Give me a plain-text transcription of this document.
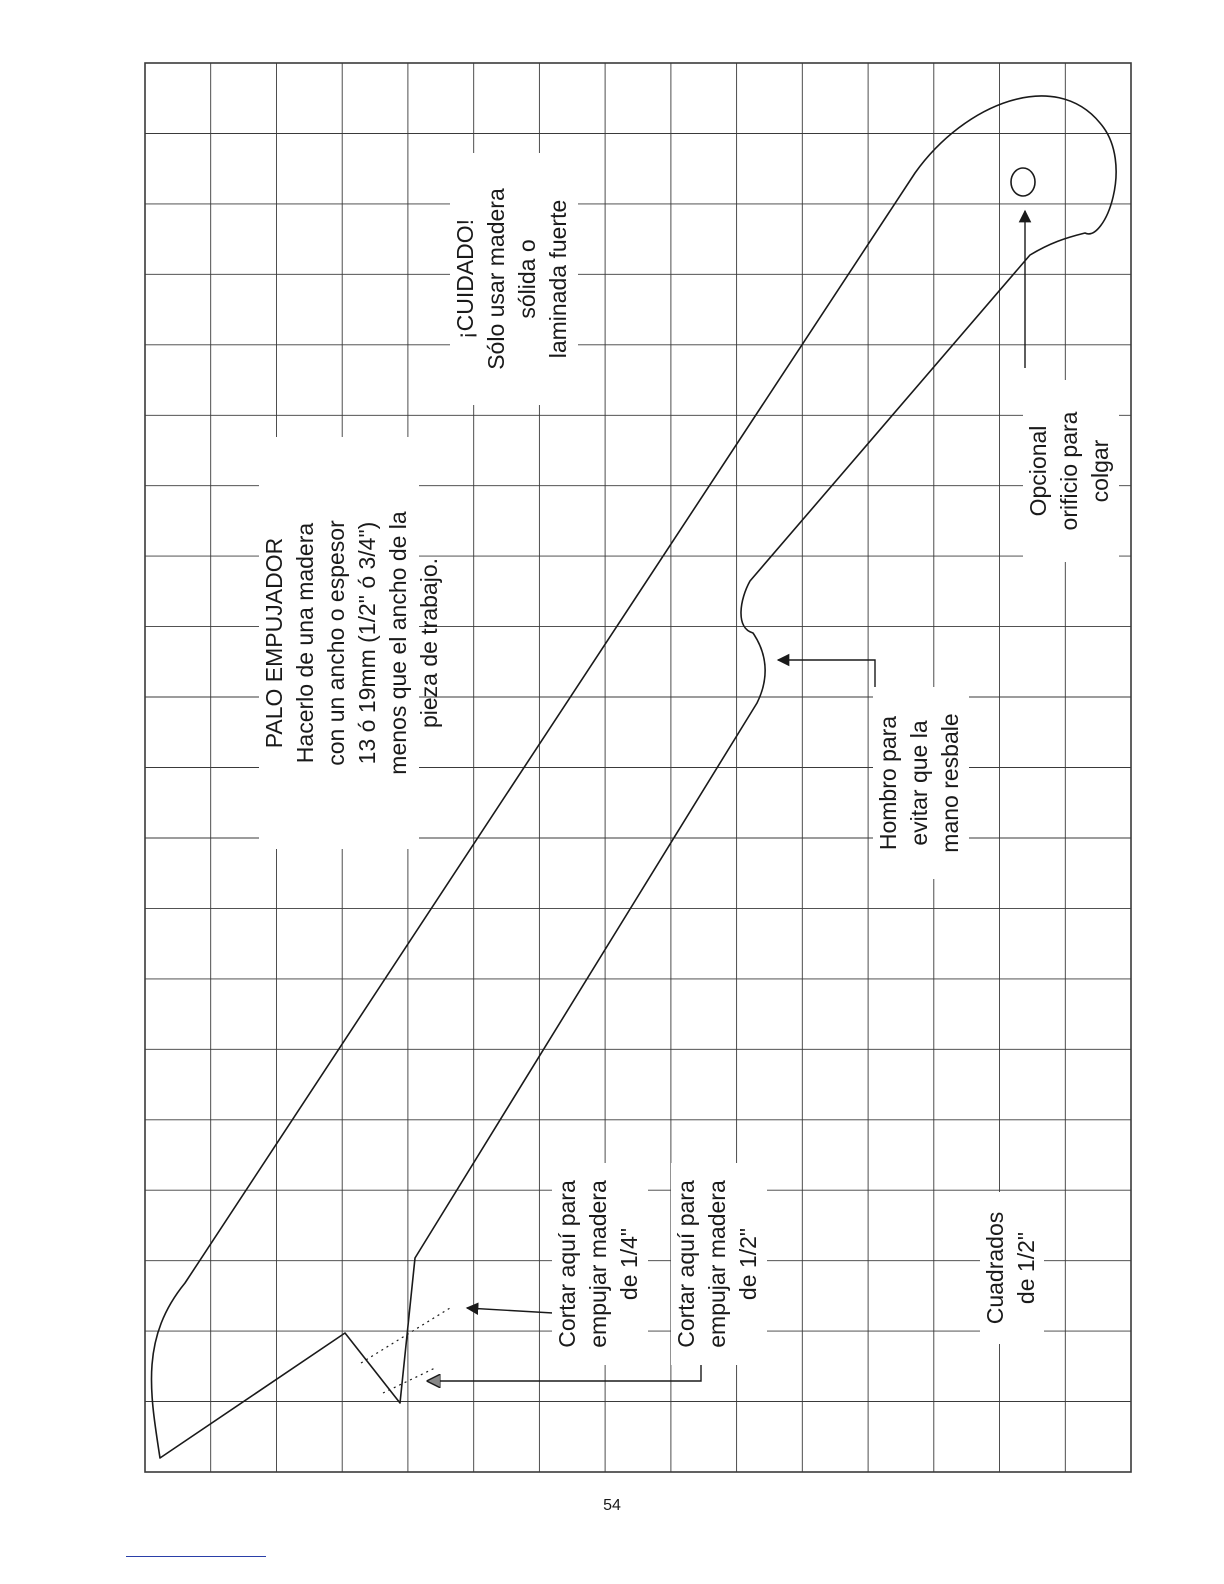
PALO EMPUJADOR Hacerlo de una madera con un ancho o espesor 13 ó 19mm (1/2" ó 3/4") menos que el ancho de la pieza de trabajo.
¡CUIDADO! Sólo usar madera sólida o laminada fuerte
Opcional orificio para colgar
Hombro para evitar que la mano resbale
Cortar aquí para empujar madera de 1/4" Cortar aquí para empujar madera de 1/2"	Cuadrados de 1/2"
54
